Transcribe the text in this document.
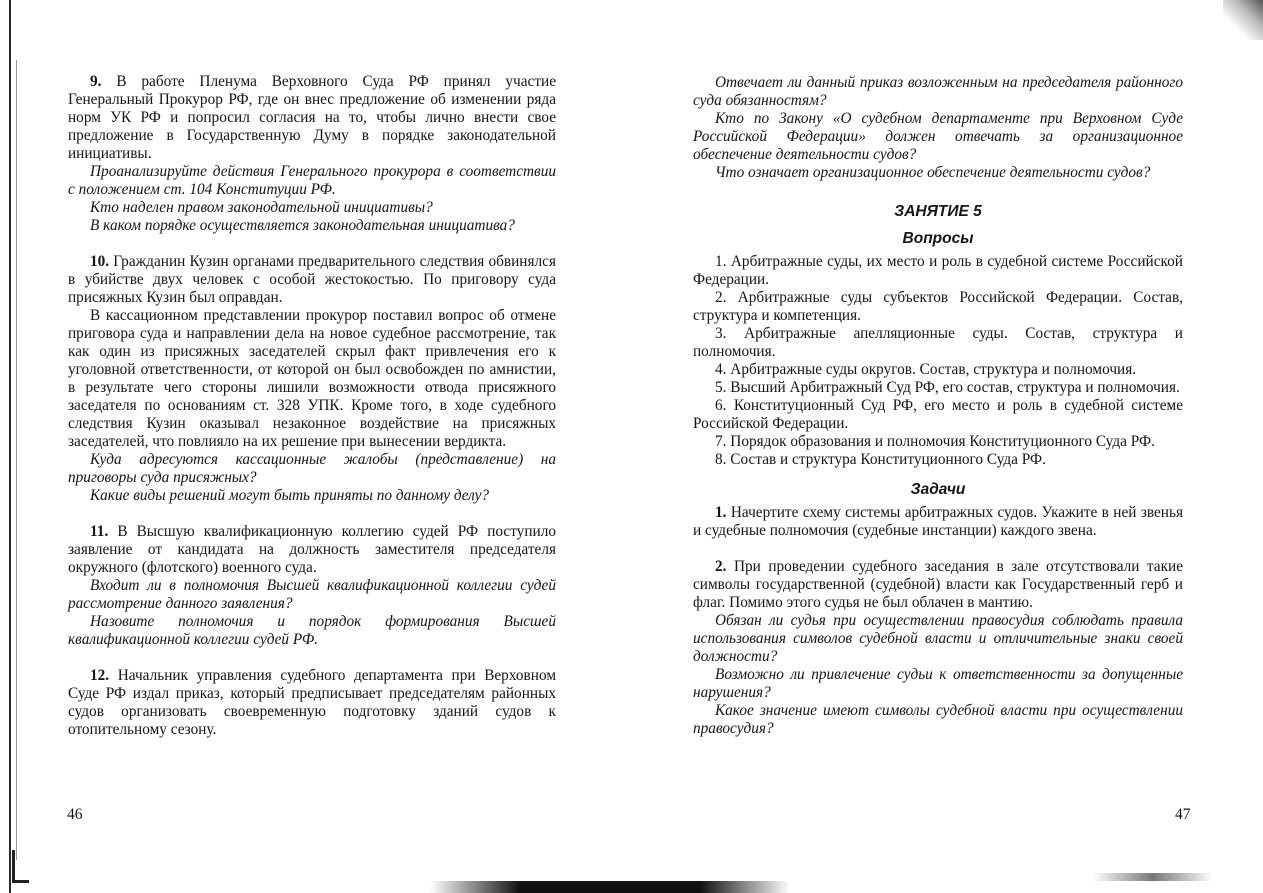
9. В работе Пленума Верховного Суда РФ принял участие Генеральный Прокурор РФ, где он внес предложение об изменении ряда норм УК РФ и попросил согласия на то, чтобы лично внести свое предложение в Государственную Думу в порядке законодательной инициативы.

Проанализируйте действия Генерального прокурора в соответствии с положением ст. 104 Конституции РФ.

Кто наделен правом законодательной инициативы?

В каком порядке осуществляется законодательная инициатива?

10. Гражданин Кузин органами предварительного следствия обвинялся в убийстве двух человек с особой жестокостью. По приговору суда присяжных Кузин был оправдан.

В кассационном представлении прокурор поставил вопрос об отмене приговора суда и направлении дела на новое судебное рассмотрение, так как один из присяжных заседателей скрыл факт привлечения его к уголовной ответственности, от которой он был освобожден по амнистии, в результате чего стороны лишили возможности отвода присяжного заседателя по основаниям ст. 328 УПК. Кроме того, в ходе судебного следствия Кузин оказывал незаконное воздействие на присяжных заседателей, что повлияло на их решение при вынесении вердикта.

Куда адресуются кассационные жалобы (представление) на приговоры суда присяжных?

Какие виды решений могут быть приняты по данному делу?

11. В Высшую квалификационную коллегию судей РФ поступило заявление от кандидата на должность заместителя председателя окружного (флотского) военного суда.

Входит ли в полномочия Высшей квалификационной коллегии судей рассмотрение данного заявления?

Назовите полномочия и порядок формирования Высшей квалификационной коллегии судей РФ.

12. Начальник управления судебного департамента при Верховном Суде РФ издал приказ, который предписывает председателям районных судов организовать своевременную подготовку зданий судов к отопительному сезону.

46

Отвечает ли данный приказ возложенным на председателя районного суда обязанностям?

Кто по Закону «О судебном департаменте при Верховном Суде Российской Федерации» должен отвечать за организационное обеспечение деятельности судов?

Что означает организационное обеспечение деятельности судов?

ЗАНЯТИЕ 5
Вопросы

1. Арбитражные суды, их место и роль в судебной системе Российской Федерации.

2. Арбитражные суды субъектов Российской Федерации. Состав, структура и компетенция.

3. Арбитражные апелляционные суды. Состав, структура и полномочия.

4. Арбитражные суды округов. Состав, структура и полномочия.

5. Высший Арбитражный Суд РФ, его состав, структура и полномочия.

6. Конституционный Суд РФ, его место и роль в судебной системе Российской Федерации.

7. Порядок образования и полномочия Конституционного Суда РФ.

8. Состав и структура Конституционного Суда РФ.

Задачи

1. Начертите схему системы арбитражных судов. Укажите в ней звенья и судебные полномочия (судебные инстанции) каждого звена.

2. При проведении судебного заседания в зале отсутствовали такие символы государственной (судебной) власти как Государственный герб и флаг. Помимо этого судья не был облачен в мантию.

Обязан ли судья при осуществлении правосудия соблюдать правила использования символов судебной власти и отличительные знаки своей должности?

Возможно ли привлечение судьи к ответственности за допущенные нарушения?

Какое значение имеют символы судебной власти при осуществлении правосудия?

47
